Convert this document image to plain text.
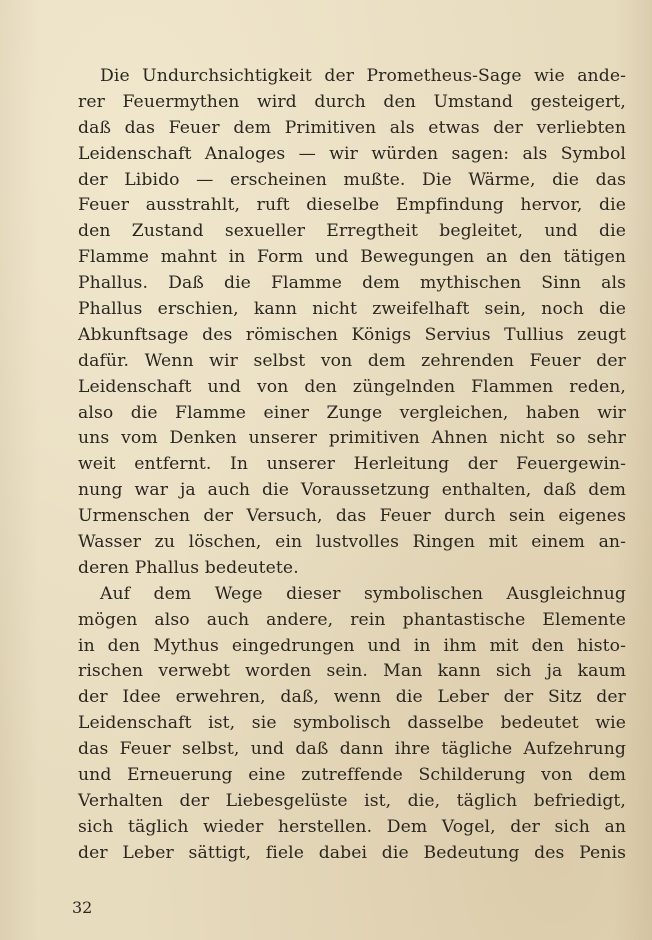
Die Undurchsichtigkeit der Prometheus-Sage wie ande-
rer Feuermythen wird durch den Umstand gesteigert,
daß das Feuer dem Primitiven als etwas der verliebten
Leidenschaft Analoges — wir würden sagen: als Symbol
der Libido — erscheinen mußte. Die Wärme, die das
Feuer ausstrahlt, ruft dieselbe Empfindung hervor, die
den Zustand sexueller Erregtheit begleitet, und die
Flamme mahnt in Form und Bewegungen an den tätigen
Phallus. Daß die Flamme dem mythischen Sinn als
Phallus erschien, kann nicht zweifelhaft sein, noch die
Abkunftsage des römischen Königs Servius Tullius zeugt
dafür. Wenn wir selbst von dem zehrenden Feuer der
Leidenschaft und von den züngelnden Flammen reden,
also die Flamme einer Zunge vergleichen, haben wir
uns vom Denken unserer primitiven Ahnen nicht so sehr
weit entfernt. In unserer Herleitung der Feuergewin-
nung war ja auch die Voraussetzung enthalten, daß dem
Urmenschen der Versuch, das Feuer durch sein eigenes
Wasser zu löschen, ein lustvolles Ringen mit einem an-
deren Phallus bedeutete.
Auf dem Wege dieser symbolischen Ausgleichnug
mögen also auch andere, rein phantastische Elemente
in den Mythus eingedrungen und in ihm mit den histo-
rischen verwebt worden sein. Man kann sich ja kaum
der Idee erwehren, daß, wenn die Leber der Sitz der
Leidenschaft ist, sie symbolisch dasselbe bedeutet wie
das Feuer selbst, und daß dann ihre tägliche Aufzehrung
und Erneuerung eine zutreffende Schilderung von dem
Verhalten der Liebesgelüste ist, die, täglich befriedigt,
sich täglich wieder herstellen. Dem Vogel, der sich an
der Leber sättigt, fiele dabei die Bedeutung des Penis
32
